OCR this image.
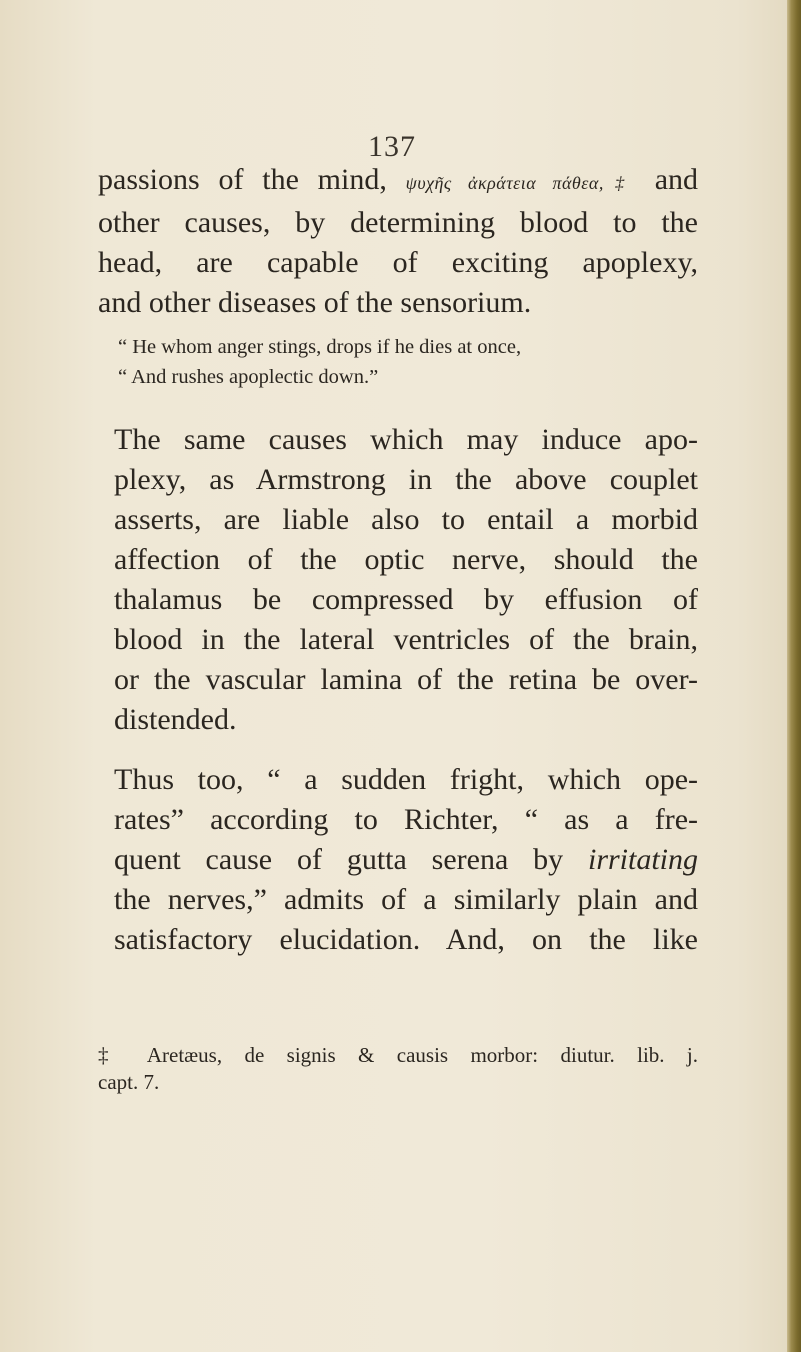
137
passions of the mind, ψυχῆς ἀκράτεια πάθεα,‡ and
other causes, by determining blood to the
head, are capable of exciting apoplexy,
and other diseases of the sensorium.
“ He whom anger stings, drops if he dies at once,
“ And rushes apoplectic down.”
The same causes which may induce apo-
plexy, as Armstrong in the above couplet
asserts, are liable also to entail a morbid
affection of the optic nerve, should the
thalamus be compressed by effusion of
blood in the lateral ventricles of the brain,
or the vascular lamina of the retina be over-
distended.
Thus too, “ a sudden fright, which ope-
rates” according to Richter, “ as a fre-
quent cause of gutta serena by irritating
the nerves,” admits of a similarly plain and
satisfactory elucidation. And, on the like
‡ Aretæus, de signis & causis morbor: diutur. lib. j.
capt. 7.
